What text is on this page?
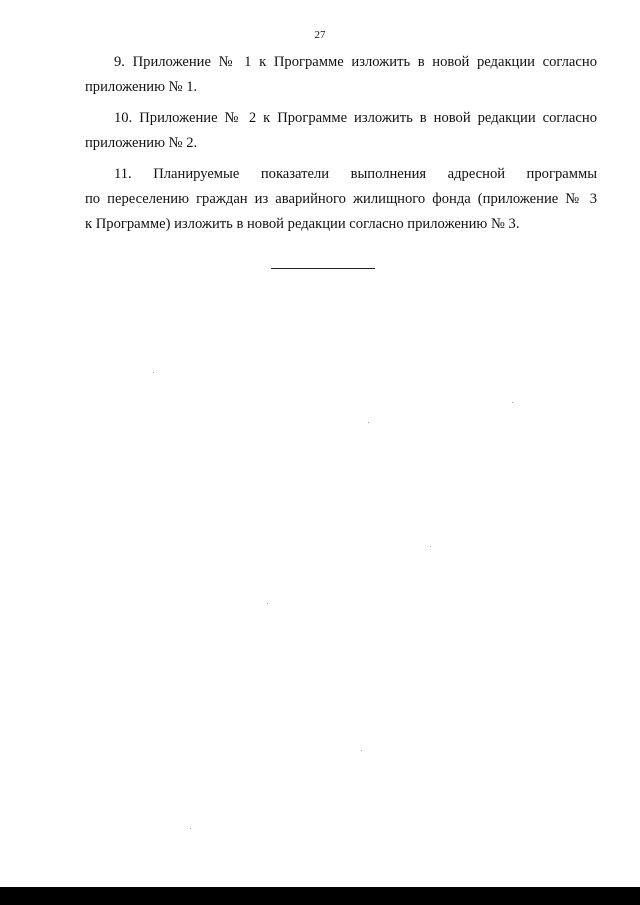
27

9. Приложение № 1 к Программе изложить в новой редакции согласно
приложению № 1.

10. Приложение № 2 к Программе изложить в новой редакции согласно
приложению № 2.

11. Планируемые показатели выполнения адресной программы
по переселению граждан из аварийного жилищного фонда (приложение № 3
к Программе) изложить в новой редакции согласно приложению № 3.
